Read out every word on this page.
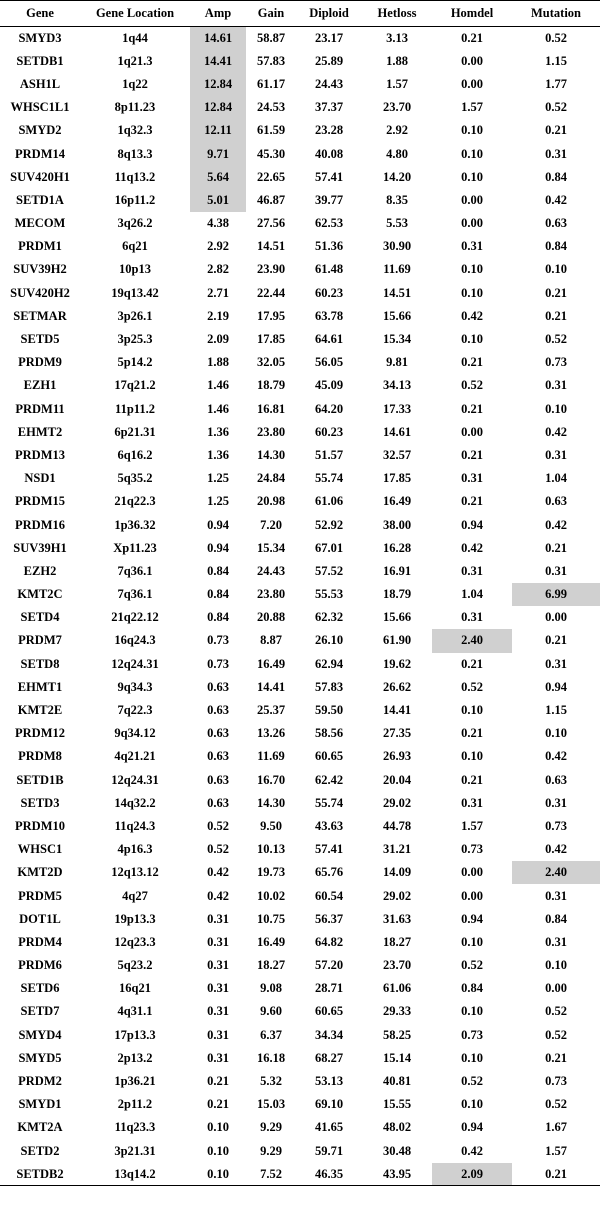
Gene	Gene Location	Amp	Gain	Diploid	Hetloss	Homdel	Mutation
SMYD3	1q44	14.61	58.87	23.17	3.13	0.21	0.52
SETDB1	1q21.3	14.41	57.83	25.89	1.88	0.00	1.15
ASH1L	1q22	12.84	61.17	24.43	1.57	0.00	1.77
WHSC1L1	8p11.23	12.84	24.53	37.37	23.70	1.57	0.52
SMYD2	1q32.3	12.11	61.59	23.28	2.92	0.10	0.21
PRDM14	8q13.3	9.71	45.30	40.08	4.80	0.10	0.31
SUV420H1	11q13.2	5.64	22.65	57.41	14.20	0.10	0.84
SETD1A	16p11.2	5.01	46.87	39.77	8.35	0.00	0.42
MECOM	3q26.2	4.38	27.56	62.53	5.53	0.00	0.63
PRDM1	6q21	2.92	14.51	51.36	30.90	0.31	0.84
SUV39H2	10p13	2.82	23.90	61.48	11.69	0.10	0.10
SUV420H2	19q13.42	2.71	22.44	60.23	14.51	0.10	0.21
SETMAR	3p26.1	2.19	17.95	63.78	15.66	0.42	0.21
SETD5	3p25.3	2.09	17.85	64.61	15.34	0.10	0.52
PRDM9	5p14.2	1.88	32.05	56.05	9.81	0.21	0.73
EZH1	17q21.2	1.46	18.79	45.09	34.13	0.52	0.31
PRDM11	11p11.2	1.46	16.81	64.20	17.33	0.21	0.10
EHMT2	6p21.31	1.36	23.80	60.23	14.61	0.00	0.42
PRDM13	6q16.2	1.36	14.30	51.57	32.57	0.21	0.31
NSD1	5q35.2	1.25	24.84	55.74	17.85	0.31	1.04
PRDM15	21q22.3	1.25	20.98	61.06	16.49	0.21	0.63
PRDM16	1p36.32	0.94	7.20	52.92	38.00	0.94	0.42
SUV39H1	Xp11.23	0.94	15.34	67.01	16.28	0.42	0.21
EZH2	7q36.1	0.84	24.43	57.52	16.91	0.31	0.31
KMT2C	7q36.1	0.84	23.80	55.53	18.79	1.04	6.99
SETD4	21q22.12	0.84	20.88	62.32	15.66	0.31	0.00
PRDM7	16q24.3	0.73	8.87	26.10	61.90	2.40	0.21
SETD8	12q24.31	0.73	16.49	62.94	19.62	0.21	0.31
EHMT1	9q34.3	0.63	14.41	57.83	26.62	0.52	0.94
KMT2E	7q22.3	0.63	25.37	59.50	14.41	0.10	1.15
PRDM12	9q34.12	0.63	13.26	58.56	27.35	0.21	0.10
PRDM8	4q21.21	0.63	11.69	60.65	26.93	0.10	0.42
SETD1B	12q24.31	0.63	16.70	62.42	20.04	0.21	0.63
SETD3	14q32.2	0.63	14.30	55.74	29.02	0.31	0.31
PRDM10	11q24.3	0.52	9.50	43.63	44.78	1.57	0.73
WHSC1	4p16.3	0.52	10.13	57.41	31.21	0.73	0.42
KMT2D	12q13.12	0.42	19.73	65.76	14.09	0.00	2.40
PRDM5	4q27	0.42	10.02	60.54	29.02	0.00	0.31
DOT1L	19p13.3	0.31	10.75	56.37	31.63	0.94	0.84
PRDM4	12q23.3	0.31	16.49	64.82	18.27	0.10	0.31
PRDM6	5q23.2	0.31	18.27	57.20	23.70	0.52	0.10
SETD6	16q21	0.31	9.08	28.71	61.06	0.84	0.00
SETD7	4q31.1	0.31	9.60	60.65	29.33	0.10	0.52
SMYD4	17p13.3	0.31	6.37	34.34	58.25	0.73	0.52
SMYD5	2p13.2	0.31	16.18	68.27	15.14	0.10	0.21
PRDM2	1p36.21	0.21	5.32	53.13	40.81	0.52	0.73
SMYD1	2p11.2	0.21	15.03	69.10	15.55	0.10	0.52
KMT2A	11q23.3	0.10	9.29	41.65	48.02	0.94	1.67
SETD2	3p21.31	0.10	9.29	59.71	30.48	0.42	1.57
SETDB2	13q14.2	0.10	7.52	46.35	43.95	2.09	0.21
